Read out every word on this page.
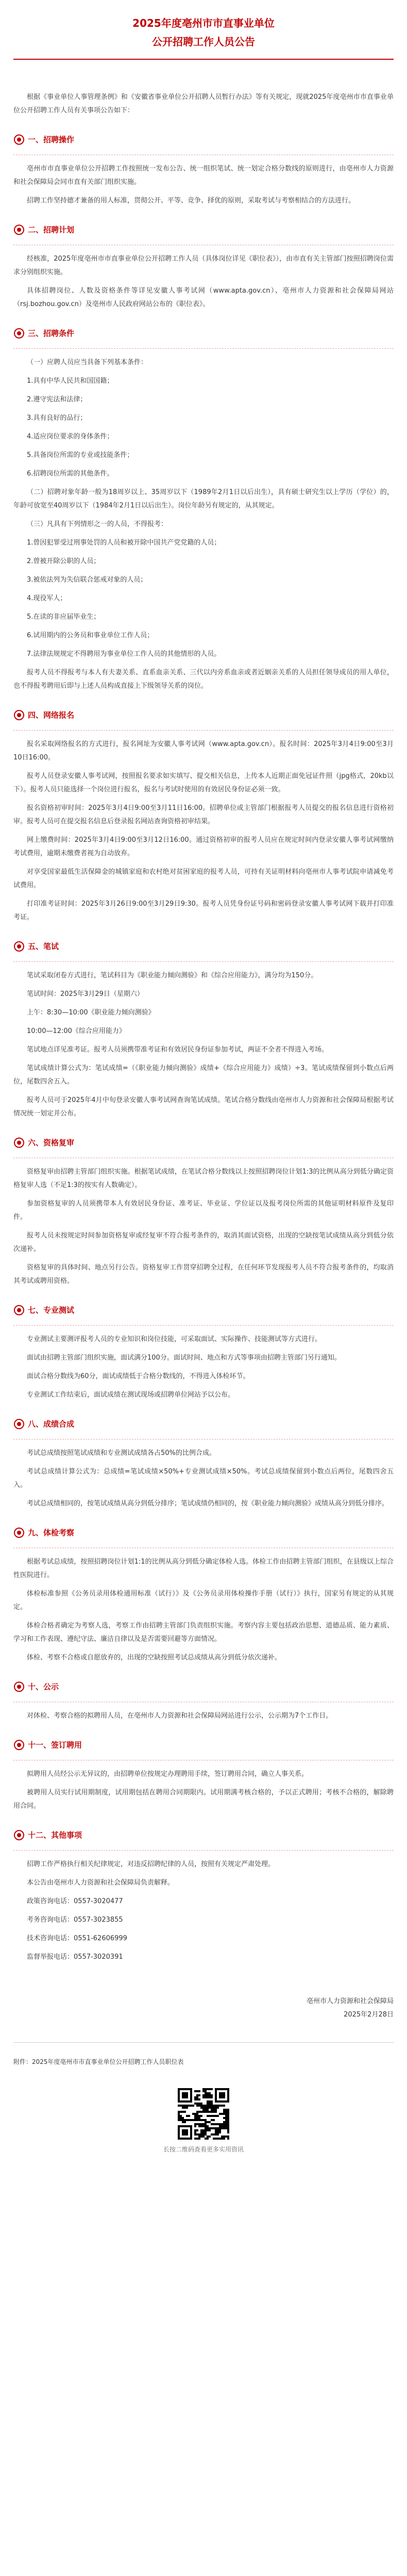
2025年度亳州市市直事业单位
公开招聘工作人员公告

根据《事业单位人事管理条例》和《安徽省事业单位公开招聘人员暂行办法》等有关规定，现就2025年度亳州市市直事业单位公开招聘工作人员有关事项公告如下：

一、招聘操作

亳州市市直事业单位公开招聘工作按照统一发布公告、统一组织笔试、统一划定合格分数线的原则进行，由亳州市人力资源和社会保障局会同市直有关部门组织实施。

招聘工作坚持德才兼备的用人标准，贯彻公开、平等、竞争、择优的原则，采取考试与考察相结合的方法进行。

二、招聘计划

经核准，2025年度亳州市市直事业单位公开招聘工作人员（具体岗位详见《职位表》），由市直有关主管部门按照招聘岗位需求分别组织实施。

具体招聘岗位、人数及资格条件等详见安徽人事考试网（www.apta.gov.cn）、亳州市人力资源和社会保障局网站（rsj.bozhou.gov.cn）及亳州市人民政府网站公布的《职位表》。

三、招聘条件

（一）应聘人员应当具备下列基本条件：

1.具有中华人民共和国国籍；

2.遵守宪法和法律；

3.具有良好的品行；

4.适应岗位要求的身体条件；

5.具备岗位所需的专业或技能条件；

6.招聘岗位所需的其他条件。

（二）招聘对象年龄一般为18周岁以上、35周岁以下（1989年2月1日以后出生），具有硕士研究生以上学历（学位）的，年龄可放宽至40周岁以下（1984年2月1日以后出生）。岗位年龄另有规定的，从其规定。

（三）凡具有下列情形之一的人员，不得报考：

1.曾因犯罪受过刑事处罚的人员和被开除中国共产党党籍的人员；

2.曾被开除公职的人员；

3.被依法列为失信联合惩戒对象的人员；

4.现役军人；

5.在读的非应届毕业生；

6.试用期内的公务员和事业单位工作人员；

7.法律法规规定不得聘用为事业单位工作人员的其他情形的人员。

报考人员不得报考与本人有夫妻关系、直系血亲关系、三代以内旁系血亲或者近姻亲关系的人员担任领导成员的用人单位，也不得报考聘用后即与上述人员构成直接上下级领导关系的岗位。

四、网络报名

报名采取网络报名的方式进行，报名网址为安徽人事考试网（www.apta.gov.cn）。报名时间：2025年3月4日9:00至3月10日16:00。

报考人员登录安徽人事考试网，按照报名要求如实填写、提交相关信息，上传本人近期正面免冠证件照（jpg格式，20kb以下）。报考人员只能选择一个岗位进行报名，报名与考试时使用的有效居民身份证必须一致。

报名资格初审时间：2025年3月4日9:00至3月11日16:00。招聘单位或主管部门根据报考人员提交的报名信息进行资格初审。报考人员可在提交报名信息后登录报名网站查询资格初审结果。

网上缴费时间：2025年3月4日9:00至3月12日16:00。通过资格初审的报考人员应在规定时间内登录安徽人事考试网缴纳考试费用，逾期未缴费者视为自动放弃。

对享受国家最低生活保障金的城镇家庭和农村绝对贫困家庭的报考人员，可持有关证明材料向亳州市人事考试院申请减免考试费用。

打印准考证时间：2025年3月26日9:00至3月29日9:30。报考人员凭身份证号码和密码登录安徽人事考试网下载并打印准考证。

五、笔试

笔试采取闭卷方式进行，笔试科目为《职业能力倾向测验》和《综合应用能力》，满分均为150分。

笔试时间：2025年3月29日（星期六）

上午：8:30—10:00《职业能力倾向测验》

10:00—12:00《综合应用能力》

笔试地点详见准考证。报考人员须携带准考证和有效居民身份证参加考试，两证不全者不得进入考场。

笔试成绩计算公式为：笔试成绩=（《职业能力倾向测验》成绩+《综合应用能力》成绩）÷3。笔试成绩保留到小数点后两位，尾数四舍五入。

报考人员可于2025年4月中旬登录安徽人事考试网查询笔试成绩。笔试合格分数线由亳州市人力资源和社会保障局根据考试情况统一划定并公布。

六、资格复审

资格复审由招聘主管部门组织实施。根据笔试成绩，在笔试合格分数线以上按照招聘岗位计划1:3的比例从高分到低分确定资格复审人选（不足1:3的按实有人数确定）。

参加资格复审的人员须携带本人有效居民身份证、准考证、毕业证、学位证以及报考岗位所需的其他证明材料原件及复印件。

报考人员未按规定时间参加资格复审或经复审不符合报考条件的，取消其面试资格，出现的空缺按笔试成绩从高分到低分依次递补。

资格复审的具体时间、地点另行公告。资格复审工作贯穿招聘全过程，在任何环节发现报考人员不符合报考条件的，均取消其考试或聘用资格。

七、专业测试

专业测试主要测评报考人员的专业知识和岗位技能，可采取面试、实际操作、技能测试等方式进行。

面试由招聘主管部门组织实施，面试满分100分。面试时间、地点和方式等事项由招聘主管部门另行通知。

面试合格分数线为60分，面试成绩低于合格分数线的，不得进入体检环节。

专业测试工作结束后，面试成绩在测试现场或招聘单位网站予以公布。

八、成绩合成

考试总成绩按照笔试成绩和专业测试成绩各占50%的比例合成。

考试总成绩计算公式为：总成绩=笔试成绩×50%+专业测试成绩×50%。考试总成绩保留到小数点后两位，尾数四舍五入。

考试总成绩相同的，按笔试成绩从高分到低分排序；笔试成绩仍相同的，按《职业能力倾向测验》成绩从高分到低分排序。

九、体检考察

根据考试总成绩，按照招聘岗位计划1:1的比例从高分到低分确定体检人选。体检工作由招聘主管部门组织，在县级以上综合性医院进行。

体检标准参照《公务员录用体检通用标准（试行）》及《公务员录用体检操作手册（试行）》执行，国家另有规定的从其规定。

体检合格者确定为考察人选，考察工作由招聘主管部门负责组织实施。考察内容主要包括政治思想、道德品质、能力素质、学习和工作表现、遵纪守法、廉洁自律以及是否需要回避等方面情况。

体检、考察不合格或自愿放弃的，出现的空缺按照考试总成绩从高分到低分依次递补。

十、公示

对体检、考察合格的拟聘用人员，在亳州市人力资源和社会保障局网站进行公示，公示期为7个工作日。

十一、签订聘用

拟聘用人员经公示无异议的，由招聘单位按规定办理聘用手续，签订聘用合同，确立人事关系。

被聘用人员实行试用期制度，试用期包括在聘用合同期限内。试用期满考核合格的，予以正式聘用；考核不合格的，解除聘用合同。

十二、其他事项

招聘工作严格执行相关纪律规定，对违反招聘纪律的人员，按照有关规定严肃处理。

本公告由亳州市人力资源和社会保障局负责解释。

政策咨询电话：0557-3020477

考务咨询电话：0557-3023855

技术咨询电话：0551-62606999

监督举报电话：0557-3020391

亳州市人力资源和社会保障局
2025年2月28日
附件：2025年度亳州市市直事业单位公开招聘工作人员职位表
长按二维码查看更多实用资讯
